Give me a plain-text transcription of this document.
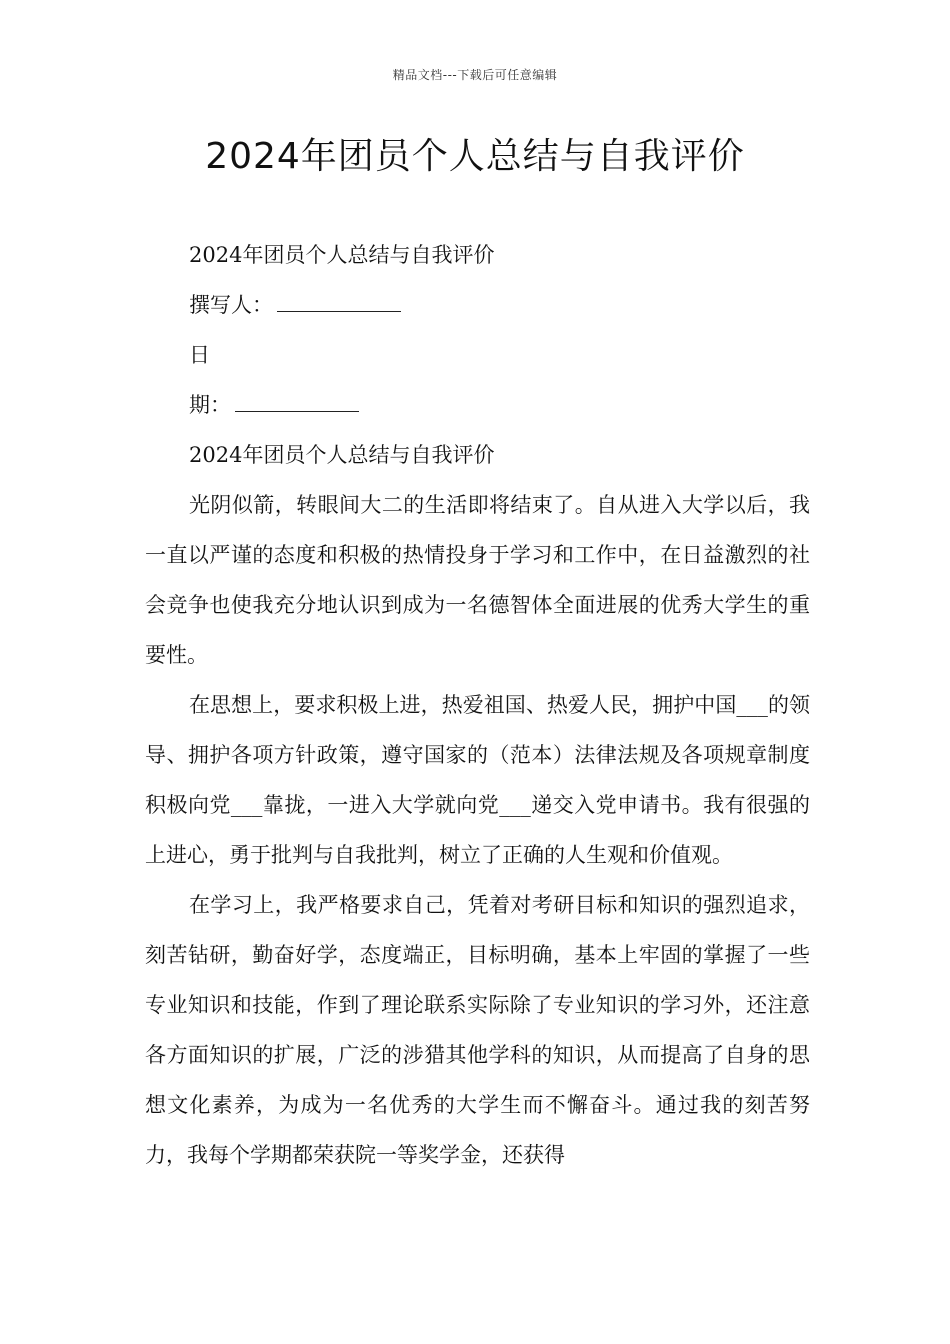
精品文档---下载后可任意编辑
2024年团员个人总结与自我评价
2024年团员个人总结与自我评价
撰写人：
日
期：
2024年团员个人总结与自我评价
光阴似箭，转眼间大二的生活即将结束了。自从进入大学以后，我一直以严谨的态度和积极的热情投身于学习和工作中，在日益激烈的社会竞争也使我充分地认识到成为一名德智体全面进展的优秀大学生的重要性。
在思想上，要求积极上进，热爱祖国、热爱人民，拥护中国___的领导、拥护各项方针政策，遵守国家的（范本）法律法规及各项规章制度积极向党___靠拢，一进入大学就向党___递交入党申请书。我有很强的上进心，勇于批判与自我批判，树立了正确的人生观和价值观。
在学习上，我严格要求自己，凭着对考研目标和知识的强烈追求，刻苦钻研，勤奋好学，态度端正，目标明确，基本上牢固的掌握了一些专业知识和技能，作到了理论联系实际除了专业知识的学习外，还注意各方面知识的扩展，广泛的涉猎其他学科的知识，从而提高了自身的思想文化素养，为成为一名优秀的大学生而不懈奋斗。通过我的刻苦努力，我每个学期都荣获院一等奖学金，还获得
